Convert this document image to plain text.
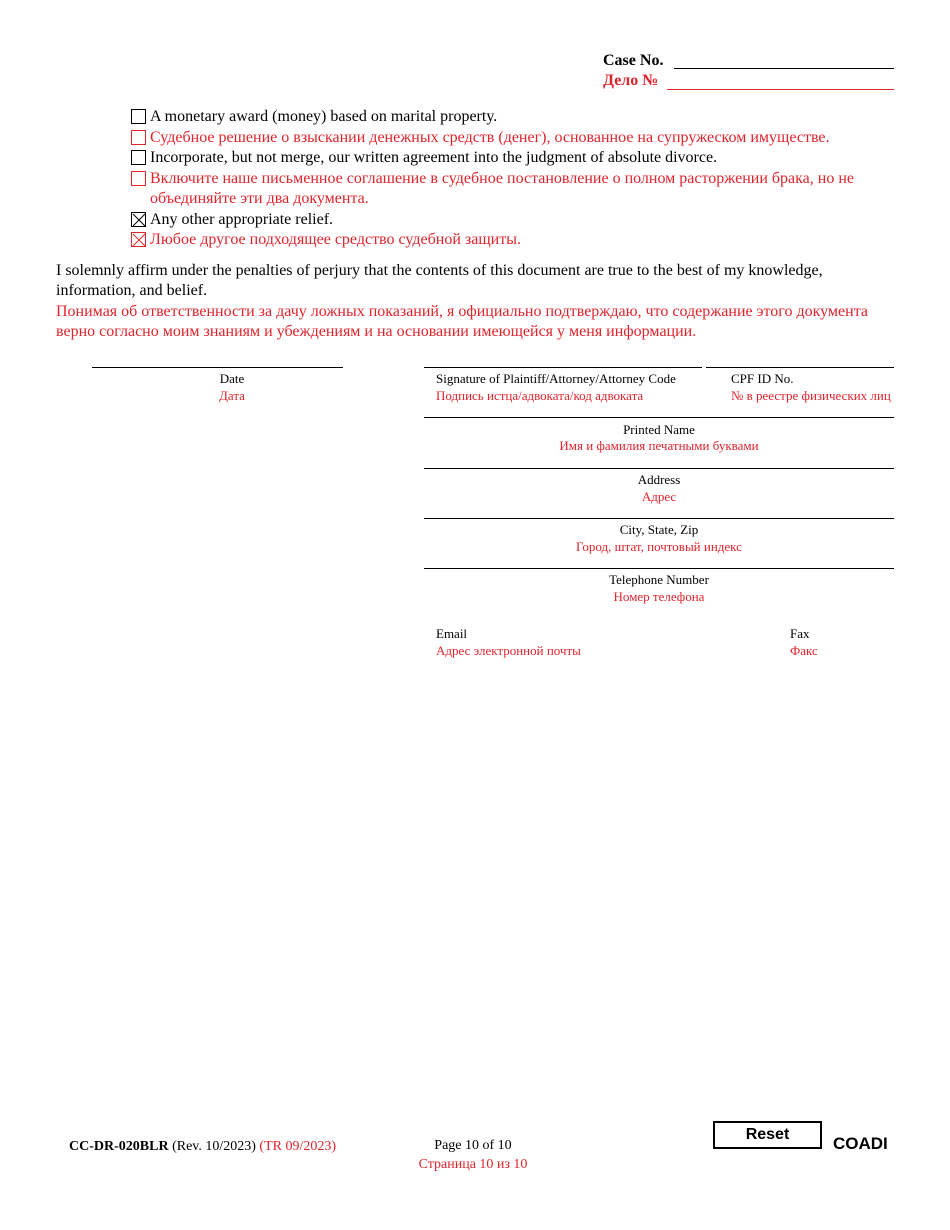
Case No.
Дело №
A monetary award (money) based on marital property.
Судебное решение о взыскании денежных средств (денег), основанное на супружеском имуществе.
Incorporate, but not merge, our written agreement into the judgment of absolute divorce.
Включите наше письменное соглашение в судебное постановление о полном расторжении брака, но не объединяйте эти два документа.
Any other appropriate relief.
Любое другое подходящее средство судебной защиты.
I solemnly affirm under the penalties of perjury that the contents of this document are true to the best of my knowledge, information, and belief.
Понимая об ответственности за дачу ложных показаний, я официально подтверждаю, что содержание этого документа верно согласно моим знаниям и убеждениям и на основании имеющейся у меня информации.
Date
Дата
Signature of Plaintiff/Attorney/Attorney Code
Подпись истца/адвоката/код адвоката
CPF ID No.
№ в реестре физических лиц
Printed Name
Имя и фамилия печатными буквами
Address
Адрес
City, State, Zip
Город, штат, почтовый индекс
Telephone Number
Номер телефона
Email
Адрес электронной почты
Fax
Факс
CC-DR-020BLR (Rev. 10/2023) (TR 09/2023)	Page 10 of 10
Страница 10 из 10
Reset	COADI
